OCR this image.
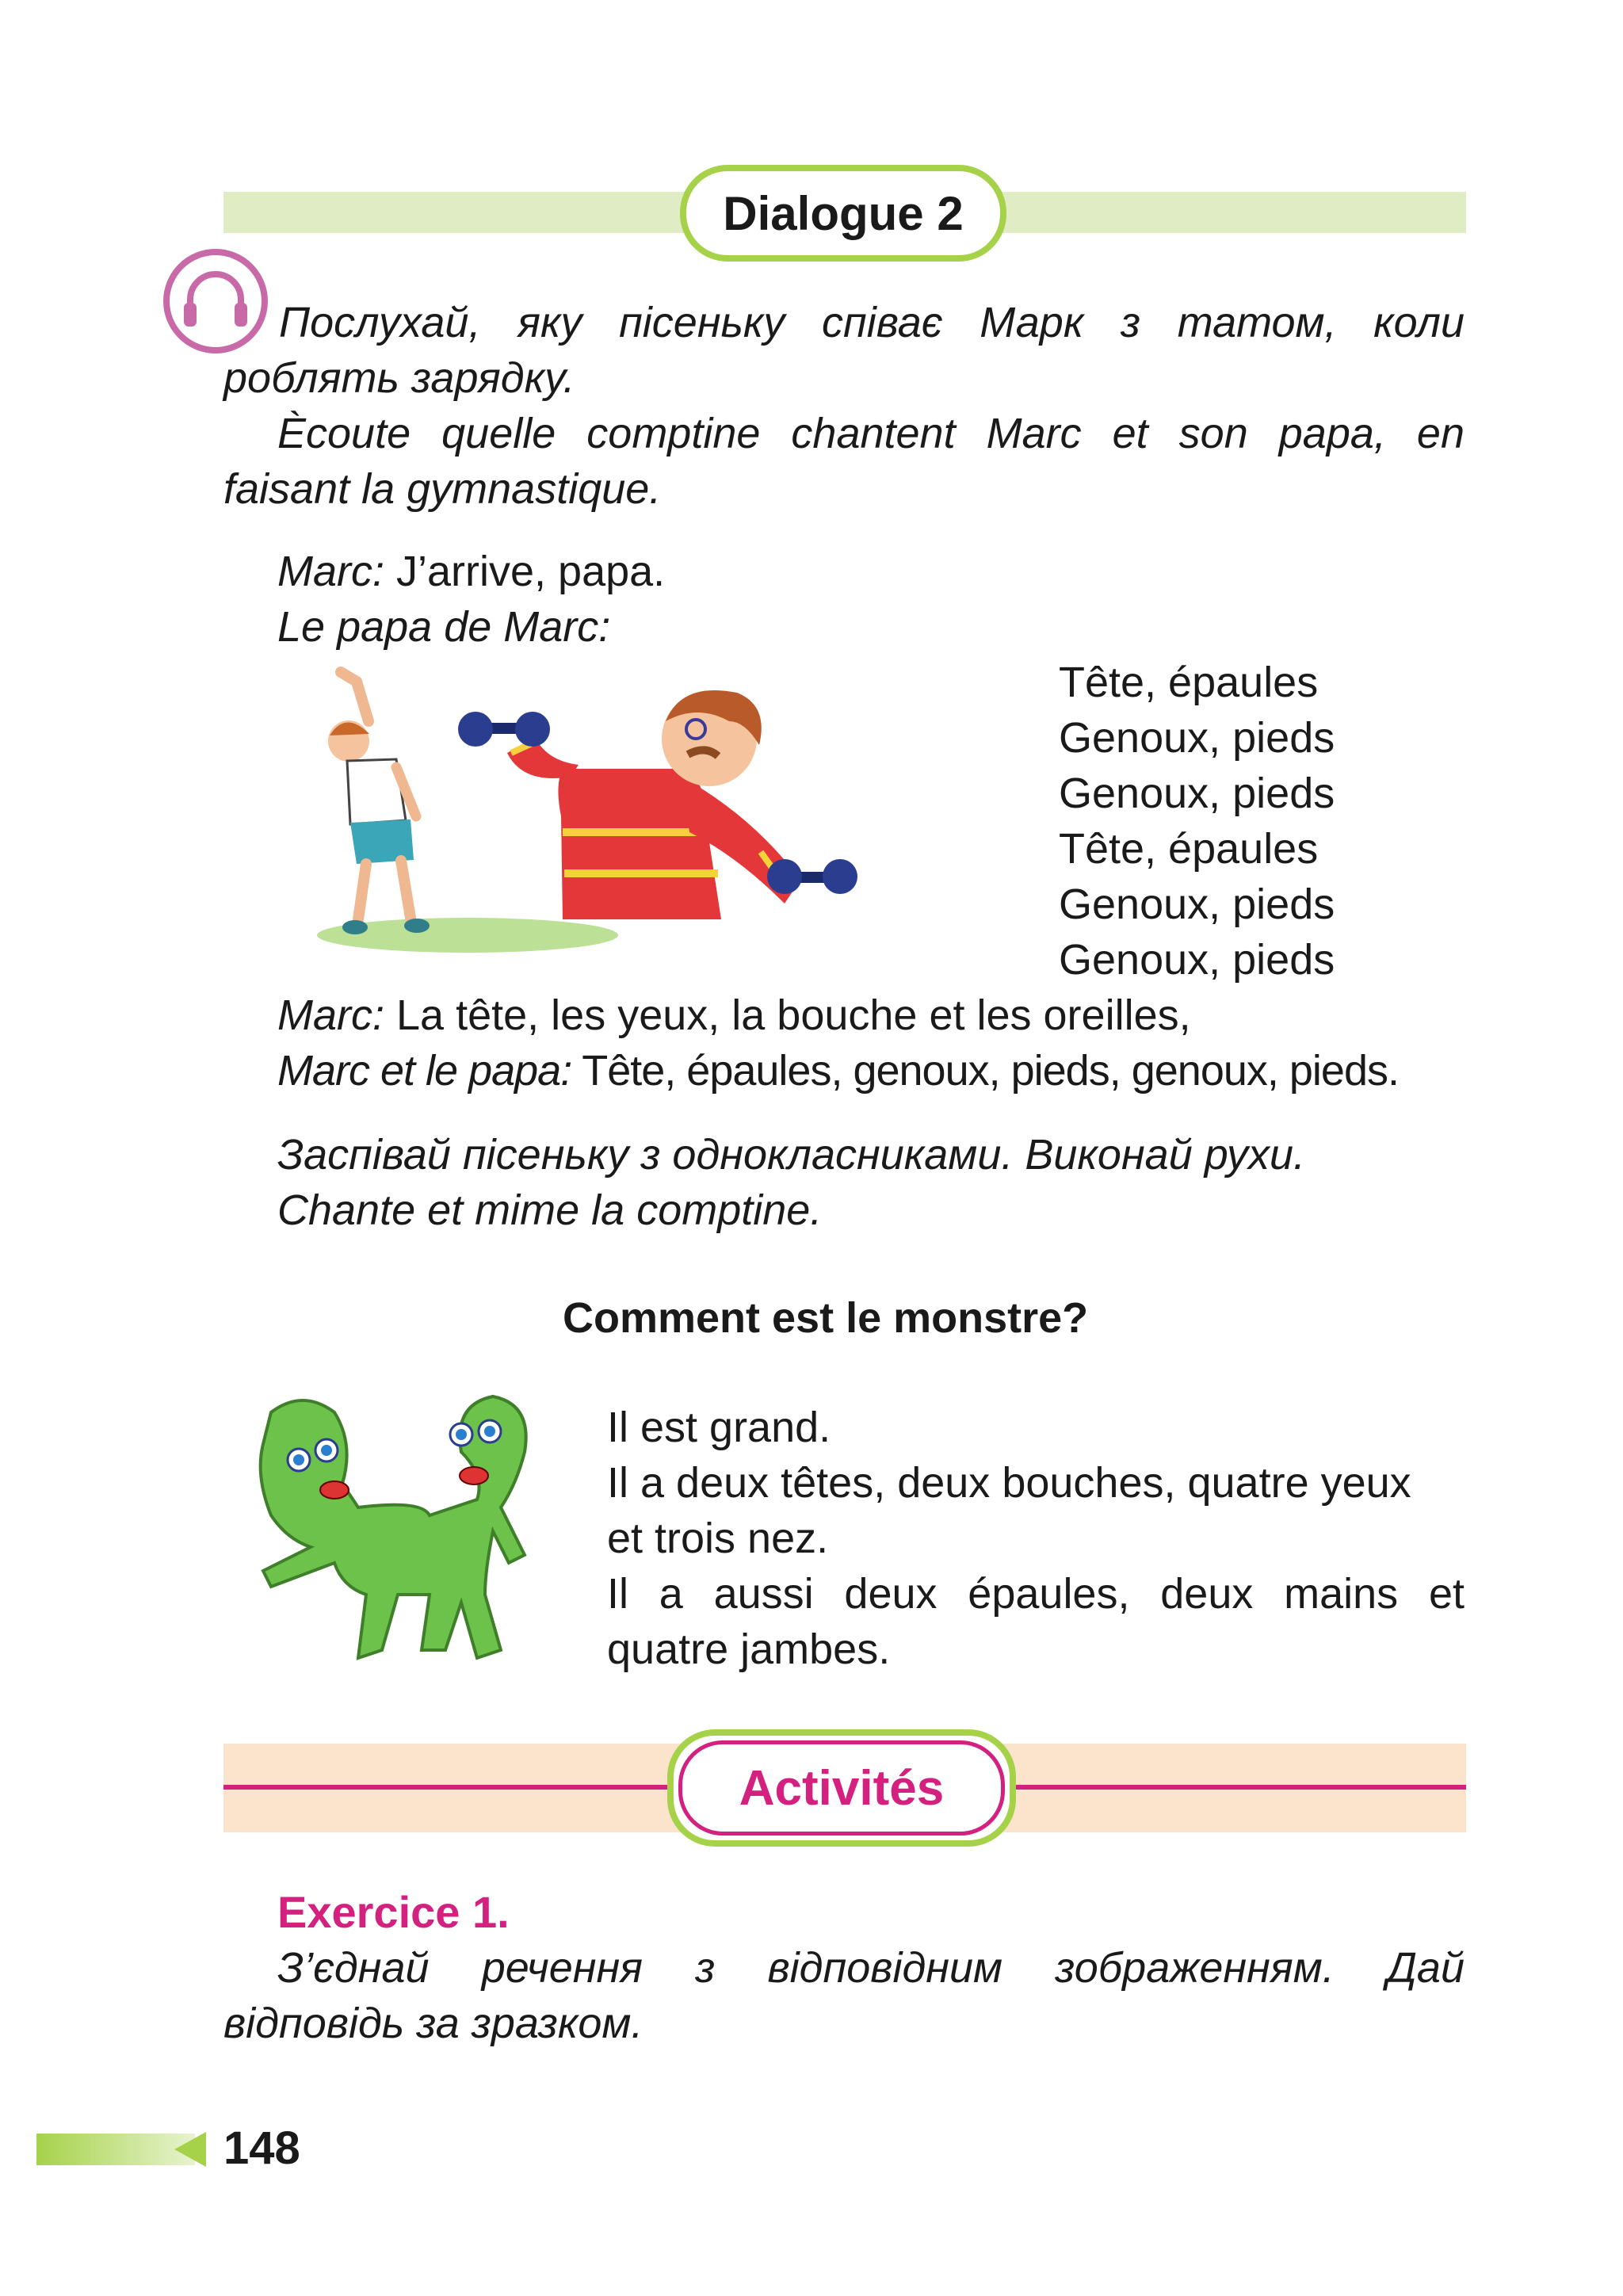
Dialogue 2
Послухай, яку пісеньку співає Марк з татом, коли
роблять зарядку.
Ècoute quelle comptine chantent Marc et son papa, en
faisant la gymnastique.
Marc: J’arrive, papa.
Le papa de Marc:
Tête, épaules
Genoux, pieds
Genoux, pieds
Tête, épaules
Genoux, pieds
Genoux, pieds
Marc: La tête, les yeux, la bouche et les oreilles,
Marc et le papa: Tête, épaules, genoux, pieds, genoux, pieds.
Заспівай пісеньку з однокласниками. Виконай рухи.
Chante et mime la comptine.
Comment est le monstre?
Il est grand.
Il a deux têtes, deux bouches, quatre yeux
et trois nez.
Il a aussi deux épaules, deux mains et
quatre jambes.
Activités
Exercice 1.
З’єднай речення з відповідним зображенням. Дай
відповідь за зразком.
148
